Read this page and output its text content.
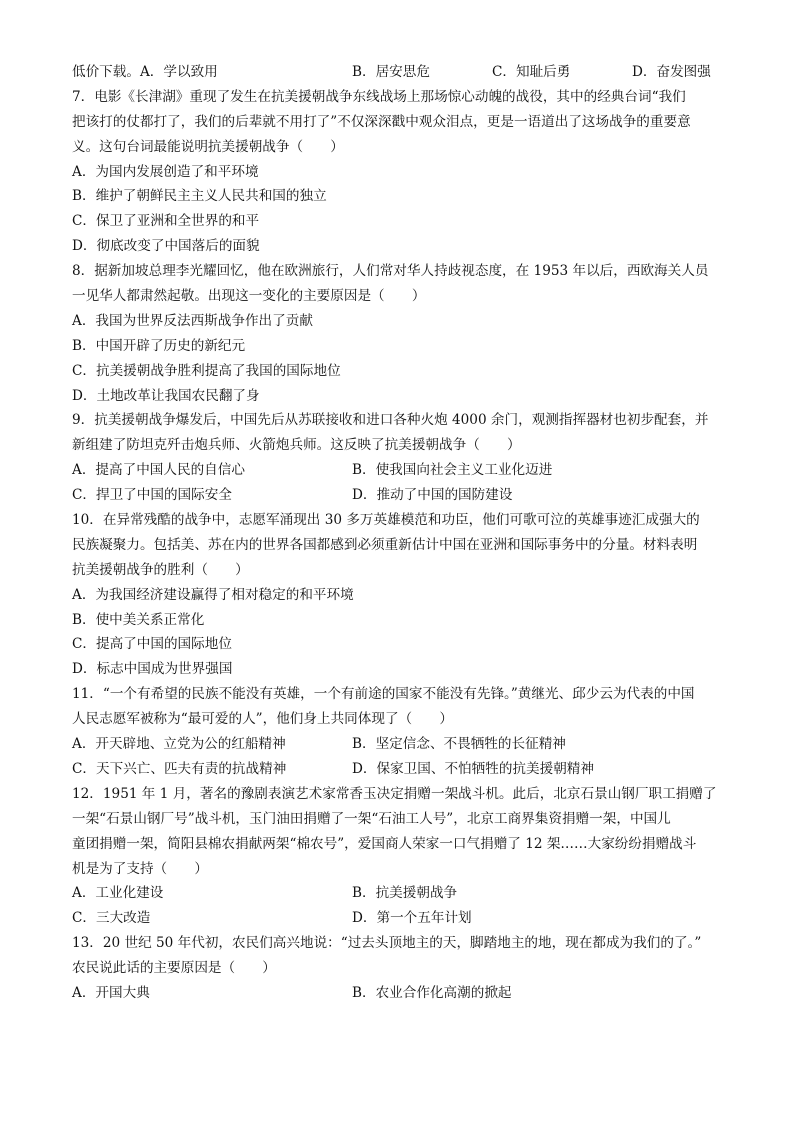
低价下载。A．学以致用	B．居安思危	C．知耻后勇	D．奋发图强
7．电影《长津湖》重现了发生在抗美援朝战争东线战场上那场惊心动魄的战役，其中的经典台词“我们
把该打的仗都打了，我们的后辈就不用打了”不仅深深戳中观众泪点，更是一语道出了这场战争的重要意
义。这句台词最能说明抗美援朝战争（　　）
A．为国内发展创造了和平环境
B．维护了朝鲜民主主义人民共和国的独立
C．保卫了亚洲和全世界的和平
D．彻底改变了中国落后的面貌
8．据新加坡总理李光耀回忆，他在欧洲旅行，人们常对华人持歧视态度，在 1953 年以后，西欧海关人员
一见华人都肃然起敬。出现这一变化的主要原因是（　　）
A．我国为世界反法西斯战争作出了贡献
B．中国开辟了历史的新纪元
C．抗美援朝战争胜利提高了我国的国际地位
D．土地改革让我国农民翻了身
9．抗美援朝战争爆发后，中国先后从苏联接收和进口各种火炮 4000 余门，观测指挥器材也初步配套，并
新组建了防坦克歼击炮兵师、火箭炮兵师。这反映了抗美援朝战争（　　）
A．提高了中国人民的自信心	B．使我国向社会主义工业化迈进
C．捍卫了中国的国际安全	D．推动了中国的国防建设
10．在异常残酷的战争中，志愿军涌现出 30 多万英雄模范和功臣，他们可歌可泣的英雄事迹汇成强大的
民族凝聚力。包括美、苏在内的世界各国都感到必须重新估计中国在亚洲和国际事务中的分量。材料表明
抗美援朝战争的胜利（　　）
A．为我国经济建设赢得了相对稳定的和平环境
B．使中美关系正常化
C．提高了中国的国际地位
D．标志中国成为世界强国
11．“一个有希望的民族不能没有英雄，一个有前途的国家不能没有先锋。”黄继光、邱少云为代表的中国
人民志愿军被称为“最可爱的人”，他们身上共同体现了（　　）
A．开天辟地、立党为公的红船精神	B．坚定信念、不畏牺牲的长征精神
C．天下兴亡、匹夫有责的抗战精神	D．保家卫国、不怕牺牲的抗美援朝精神
12．1951 年 1 月，著名的豫剧表演艺术家常香玉决定捐赠一架战斗机。此后，北京石景山钢厂职工捐赠了
一架“石景山钢厂号”战斗机，玉门油田捐赠了一架“石油工人号”，北京工商界集资捐赠一架，中国儿
童团捐赠一架，简阳县棉农捐献两架“棉农号”，爱国商人荣家一口气捐赠了 12 架……大家纷纷捐赠战斗
机是为了支持（　　）
A．工业化建设	B．抗美援朝战争
C．三大改造	D．第一个五年计划
13．20 世纪 50 年代初，农民们高兴地说：“过去头顶地主的天，脚踏地主的地，现在都成为我们的了。”
农民说此话的主要原因是（　　）
A．开国大典	B．农业合作化高潮的掀起
